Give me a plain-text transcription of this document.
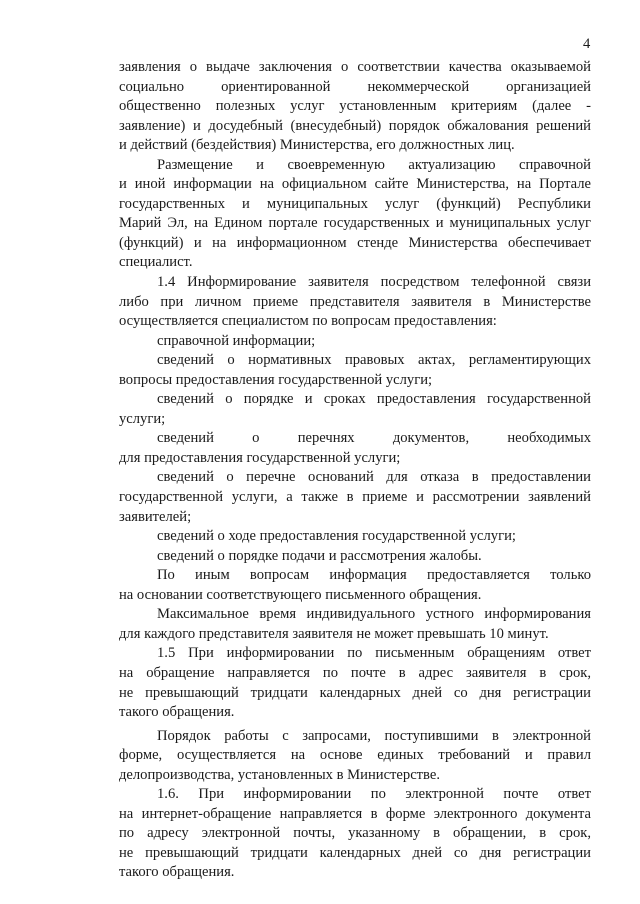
4
заявления о выдаче заключения о соответствии качества оказываемой
социально ориентированной некоммерческой организацией
общественно полезных услуг установленным критериям (далее -
заявление) и досудебный (внесудебный) порядок обжалования решений
и действий (бездействия) Министерства, его должностных лиц.
Размещение и своевременную актуализацию справочной
и иной информации на официальном сайте Министерства, на Портале
государственных и муниципальных услуг (функций) Республики
Марий Эл, на Едином портале государственных и муниципальных услуг
(функций) и на информационном стенде Министерства обеспечивает
специалист.
1.4 Информирование заявителя посредством телефонной связи
либо при личном приеме представителя заявителя в Министерстве
осуществляется специалистом по вопросам предоставления:
справочной информации;
сведений о нормативных правовых актах, регламентирующих
вопросы предоставления государственной услуги;
сведений о порядке и сроках предоставления государственной
услуги;
сведений о перечнях документов, необходимых
для предоставления государственной услуги;
сведений о перечне оснований для отказа в предоставлении
государственной услуги, а также в приеме и рассмотрении заявлений
заявителей;
сведений о ходе предоставления государственной услуги;
сведений о порядке подачи и рассмотрения жалобы.
По иным вопросам информация предоставляется только
на основании соответствующего письменного обращения.
Максимальное время индивидуального устного информирования
для каждого представителя заявителя не может превышать 10 минут.
1.5 При информировании по письменным обращениям ответ
на обращение направляется по почте в адрес заявителя в срок,
не превышающий тридцати календарных дней со дня регистрации
такого обращения.
Порядок работы с запросами, поступившими в электронной
форме, осуществляется на основе единых требований и правил
делопроизводства, установленных в Министерстве.
1.6. При информировании по электронной почте ответ
на интернет-обращение направляется в форме электронного документа
по адресу электронной почты, указанному в обращении, в срок,
не превышающий тридцати календарных дней со дня регистрации
такого обращения.
